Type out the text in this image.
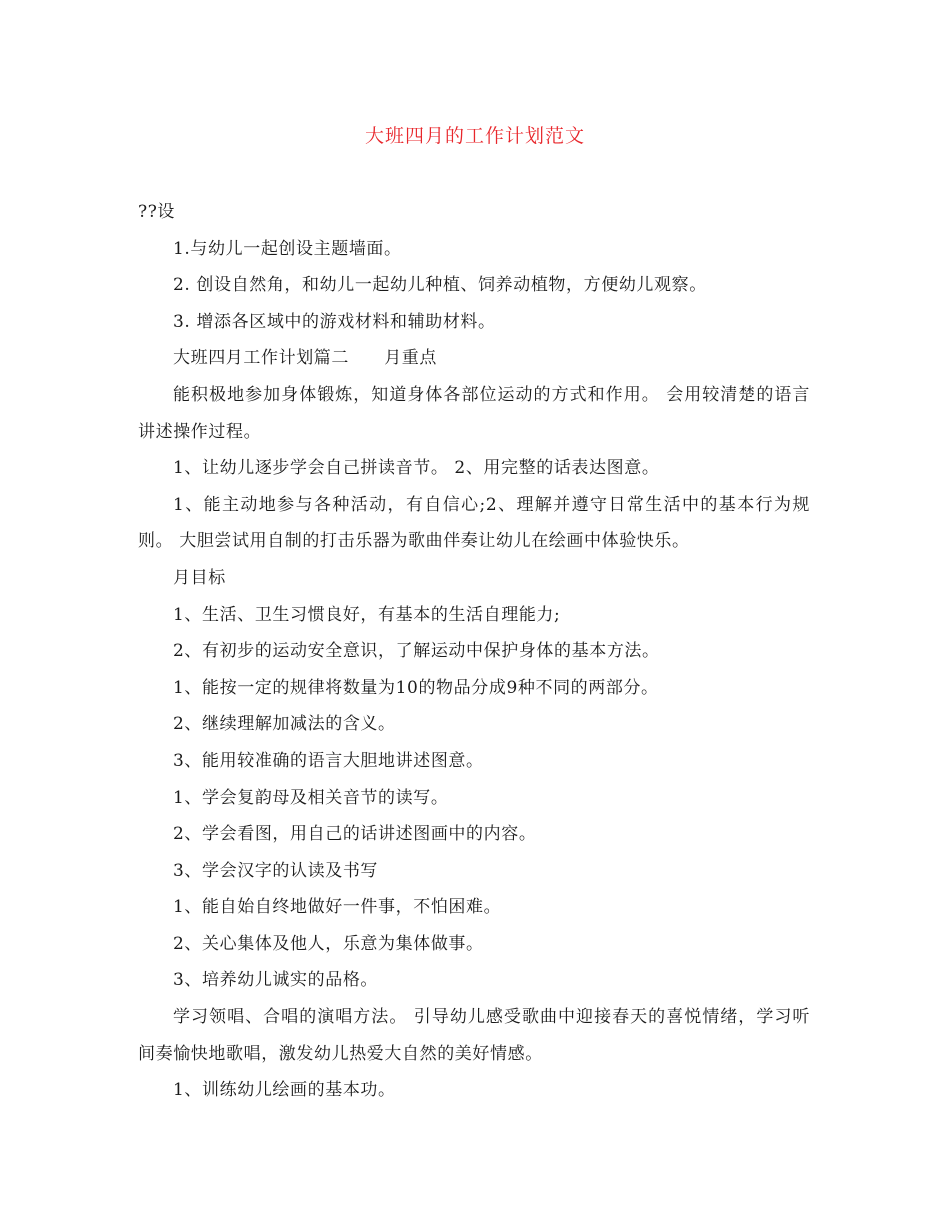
大班四月的工作计划范文

??设

1.与幼儿一起创设主题墙面。

2. 创设自然角，和幼儿一起幼儿种植、饲养动植物，方便幼儿观察。

3. 增添各区域中的游戏材料和辅助材料。

大班四月工作计划篇二　　月重点

能积极地参加身体锻炼，知道身体各部位运动的方式和作用。 会用较清楚的语言讲述操作过程。

1、让幼儿逐步学会自己拼读音节。 2、用完整的话表达图意。

1、能主动地参与各种活动，有自信心;2、理解并遵守日常生活中的基本行为规则。 大胆尝试用自制的打击乐器为歌曲伴奏让幼儿在绘画中体验快乐。

月目标

1、生活、卫生习惯良好，有基本的生活自理能力;

2、有初步的运动安全意识，了解运动中保护身体的基本方法。

1、能按一定的规律将数量为10的物品分成9种不同的两部分。

2、继续理解加减法的含义。

3、能用较准确的语言大胆地讲述图意。

1、学会复韵母及相关音节的读写。

2、学会看图，用自己的话讲述图画中的内容。

3、学会汉字的认读及书写

1、能自始自终地做好一件事，不怕困难。

2、关心集体及他人，乐意为集体做事。

3、培养幼儿诚实的品格。

学习领唱、合唱的演唱方法。 引导幼儿感受歌曲中迎接春天的喜悦情绪，学习听间奏愉快地歌唱，激发幼儿热爱大自然的美好情感。

1、训练幼儿绘画的基本功。
